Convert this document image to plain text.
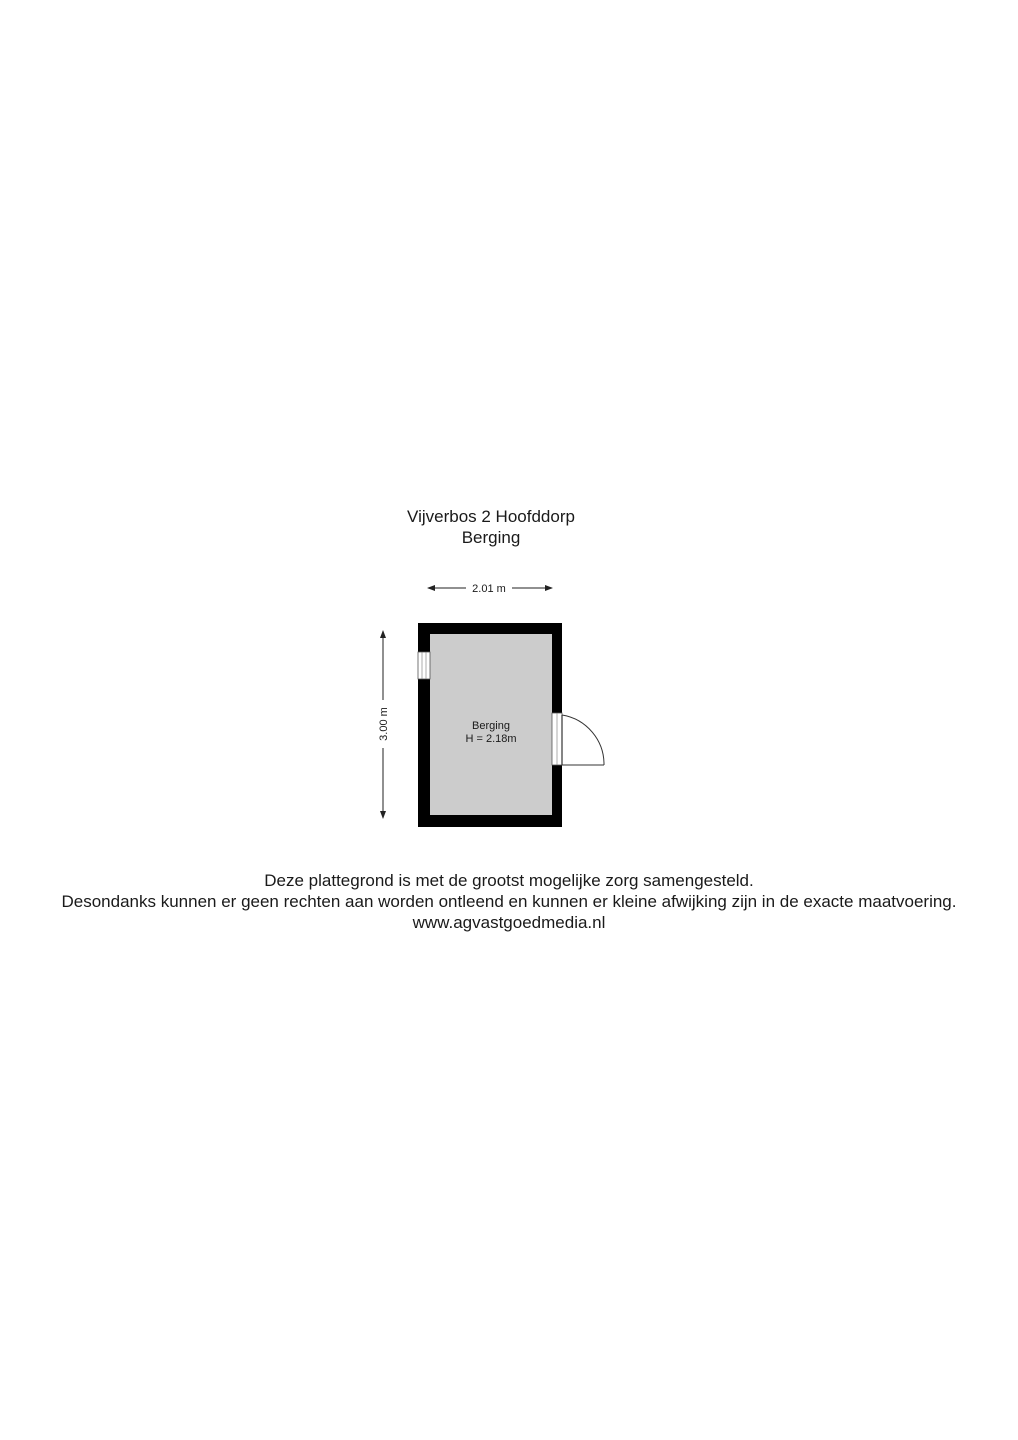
Vijverbos 2 Hoofddorp
Berging
2.01 m
3.00 m	Berging
H = 2.18m
Deze plattegrond is met de grootst mogelijke zorg samengesteld.
Desondanks kunnen er geen rechten aan worden ontleend en kunnen er kleine afwijking zijn in de exacte maatvoering.
www.agvastgoedmedia.nl
